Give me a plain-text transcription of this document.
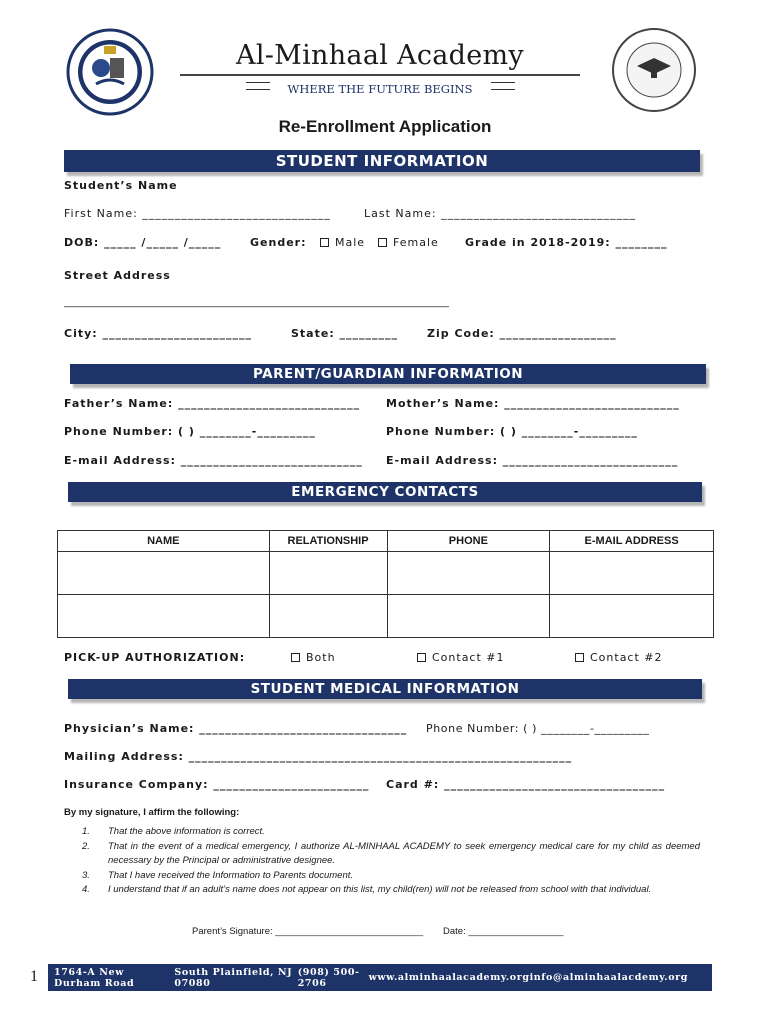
Al-Minhaal Academy
WHERE THE FUTURE BEGINS
Re-Enrollment Application
STUDENT INFORMATION
Student’s Name
First Name: _____________________________	Last Name: ______________________________
DOB: _____ /_____ /_____	Gender:	Male	Female Grade in 2018-2019: ________
Street Address
_____________________________________________________________________________
City: _______________________	State: _________	Zip Code: __________________
PARENT/GUARDIAN INFORMATION
Father’s Name: ____________________________ Mother’s Name: ___________________________
Phone Number: ( ) ________-_________	Phone Number: ( ) ________-_________
E-mail Address: ____________________________ E-mail Address: ___________________________
EMERGENCY CONTACTS
NAME	RELATIONSHIP	PHONE	E-MAIL ADDRESS

PICK-UP AUTHORIZATION:	Both	Contact #1	Contact #2
STUDENT MEDICAL INFORMATION
Physician’s Name: ________________________________ Phone Number: ( ) ________-_________
Mailing Address: ___________________________________________________________
Insurance Company: ________________________ Card #: __________________________________
By my signature, I affirm the following:
1.	That the above information is correct.
2.	That in the event of a medical emergency, I authorize AL-MINHAAL ACADEMY to seek emergency medical care for my child as deemed necessary by the Principal or administrative designee.
3.	That I have received the Information to Parents document.
4.	I understand that if an adult’s name does not appear on this list, my child(ren) will not be released from school with that individual.
Parent’s Signature: ____________________________ Date: __________________
1 1764-A New Durham Road
South Plainfield, NJ 07080
(908) 500-2706	www.alminhaalacademy.org info@alminhaalacdemy.org
